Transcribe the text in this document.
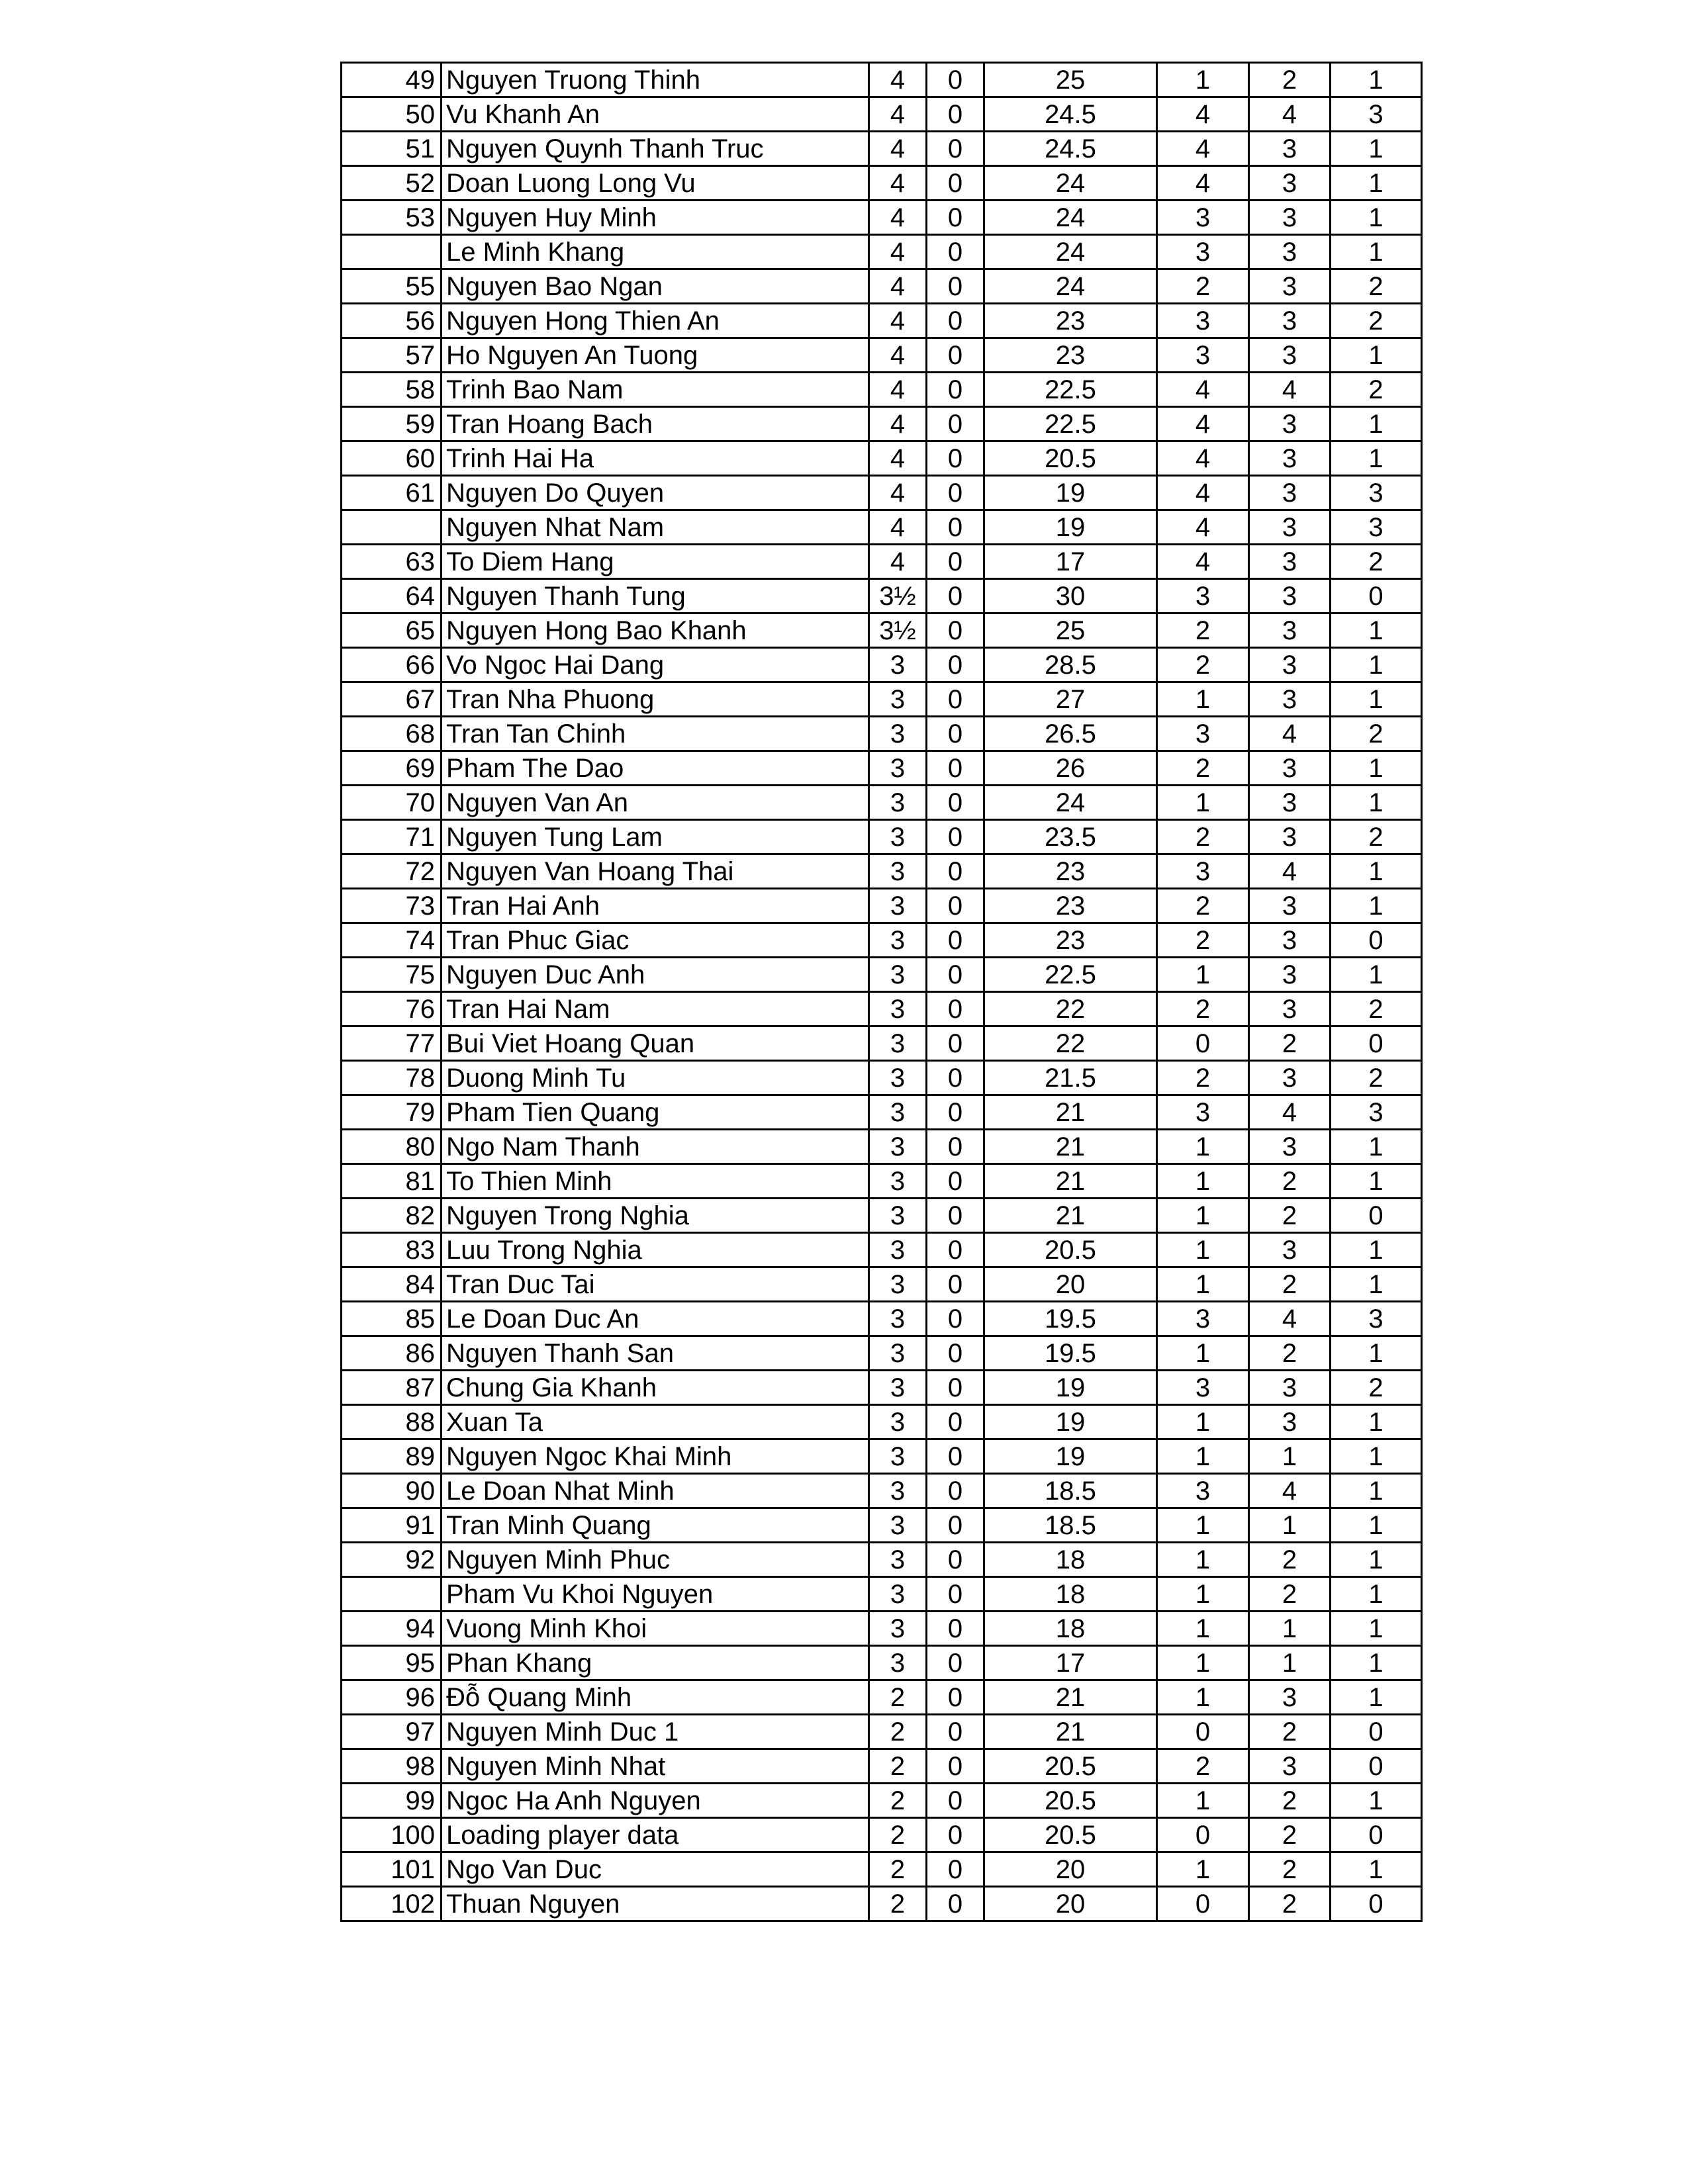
49	Nguyen Truong Thinh	4	0	25	1	2	1
50	Vu Khanh An	4	0	24.5	4	4	3
51	Nguyen Quynh Thanh Truc	4	0	24.5	4	3	1
52	Doan Luong Long Vu	4	0	24	4	3	1
53	Nguyen Huy Minh	4	0	24	3	3	1
	Le Minh Khang	4	0	24	3	3	1
55	Nguyen Bao Ngan	4	0	24	2	3	2
56	Nguyen Hong Thien An	4	0	23	3	3	2
57	Ho Nguyen An Tuong	4	0	23	3	3	1
58	Trinh Bao Nam	4	0	22.5	4	4	2
59	Tran Hoang Bach	4	0	22.5	4	3	1
60	Trinh Hai Ha	4	0	20.5	4	3	1
61	Nguyen Do Quyen	4	0	19	4	3	3
	Nguyen Nhat Nam	4	0	19	4	3	3
63	To Diem Hang	4	0	17	4	3	2
64	Nguyen Thanh Tung	3½	0	30	3	3	0
65	Nguyen Hong Bao Khanh	3½	0	25	2	3	1
66	Vo Ngoc Hai Dang	3	0	28.5	2	3	1
67	Tran Nha Phuong	3	0	27	1	3	1
68	Tran Tan Chinh	3	0	26.5	3	4	2
69	Pham The Dao	3	0	26	2	3	1
70	Nguyen Van An	3	0	24	1	3	1
71	Nguyen Tung Lam	3	0	23.5	2	3	2
72	Nguyen Van Hoang Thai	3	0	23	3	4	1
73	Tran Hai Anh	3	0	23	2	3	1
74	Tran Phuc Giac	3	0	23	2	3	0
75	Nguyen Duc Anh	3	0	22.5	1	3	1
76	Tran Hai Nam	3	0	22	2	3	2
77	Bui Viet Hoang Quan	3	0	22	0	2	0
78	Duong Minh Tu	3	0	21.5	2	3	2
79	Pham Tien Quang	3	0	21	3	4	3
80	Ngo Nam Thanh	3	0	21	1	3	1
81	To Thien Minh	3	0	21	1	2	1
82	Nguyen Trong Nghia	3	0	21	1	2	0
83	Luu Trong Nghia	3	0	20.5	1	3	1
84	Tran Duc Tai	3	0	20	1	2	1
85	Le Doan Duc An	3	0	19.5	3	4	3
86	Nguyen Thanh San	3	0	19.5	1	2	1
87	Chung Gia Khanh	3	0	19	3	3	2
88	Xuan Ta	3	0	19	1	3	1
89	Nguyen Ngoc Khai Minh	3	0	19	1	1	1
90	Le Doan Nhat Minh	3	0	18.5	3	4	1
91	Tran Minh Quang	3	0	18.5	1	1	1
92	Nguyen Minh Phuc	3	0	18	1	2	1
	Pham Vu Khoi Nguyen	3	0	18	1	2	1
94	Vuong Minh Khoi	3	0	18	1	1	1
95	Phan Khang	3	0	17	1	1	1
96	Đỗ Quang Minh	2	0	21	1	3	1
97	Nguyen Minh Duc 1	2	0	21	0	2	0
98	Nguyen Minh Nhat	2	0	20.5	2	3	0
99	Ngoc Ha Anh Nguyen	2	0	20.5	1	2	1
100	Loading player data	2	0	20.5	0	2	0
101	Ngo Van Duc	2	0	20	1	2	1
102	Thuan Nguyen	2	0	20	0	2	0
